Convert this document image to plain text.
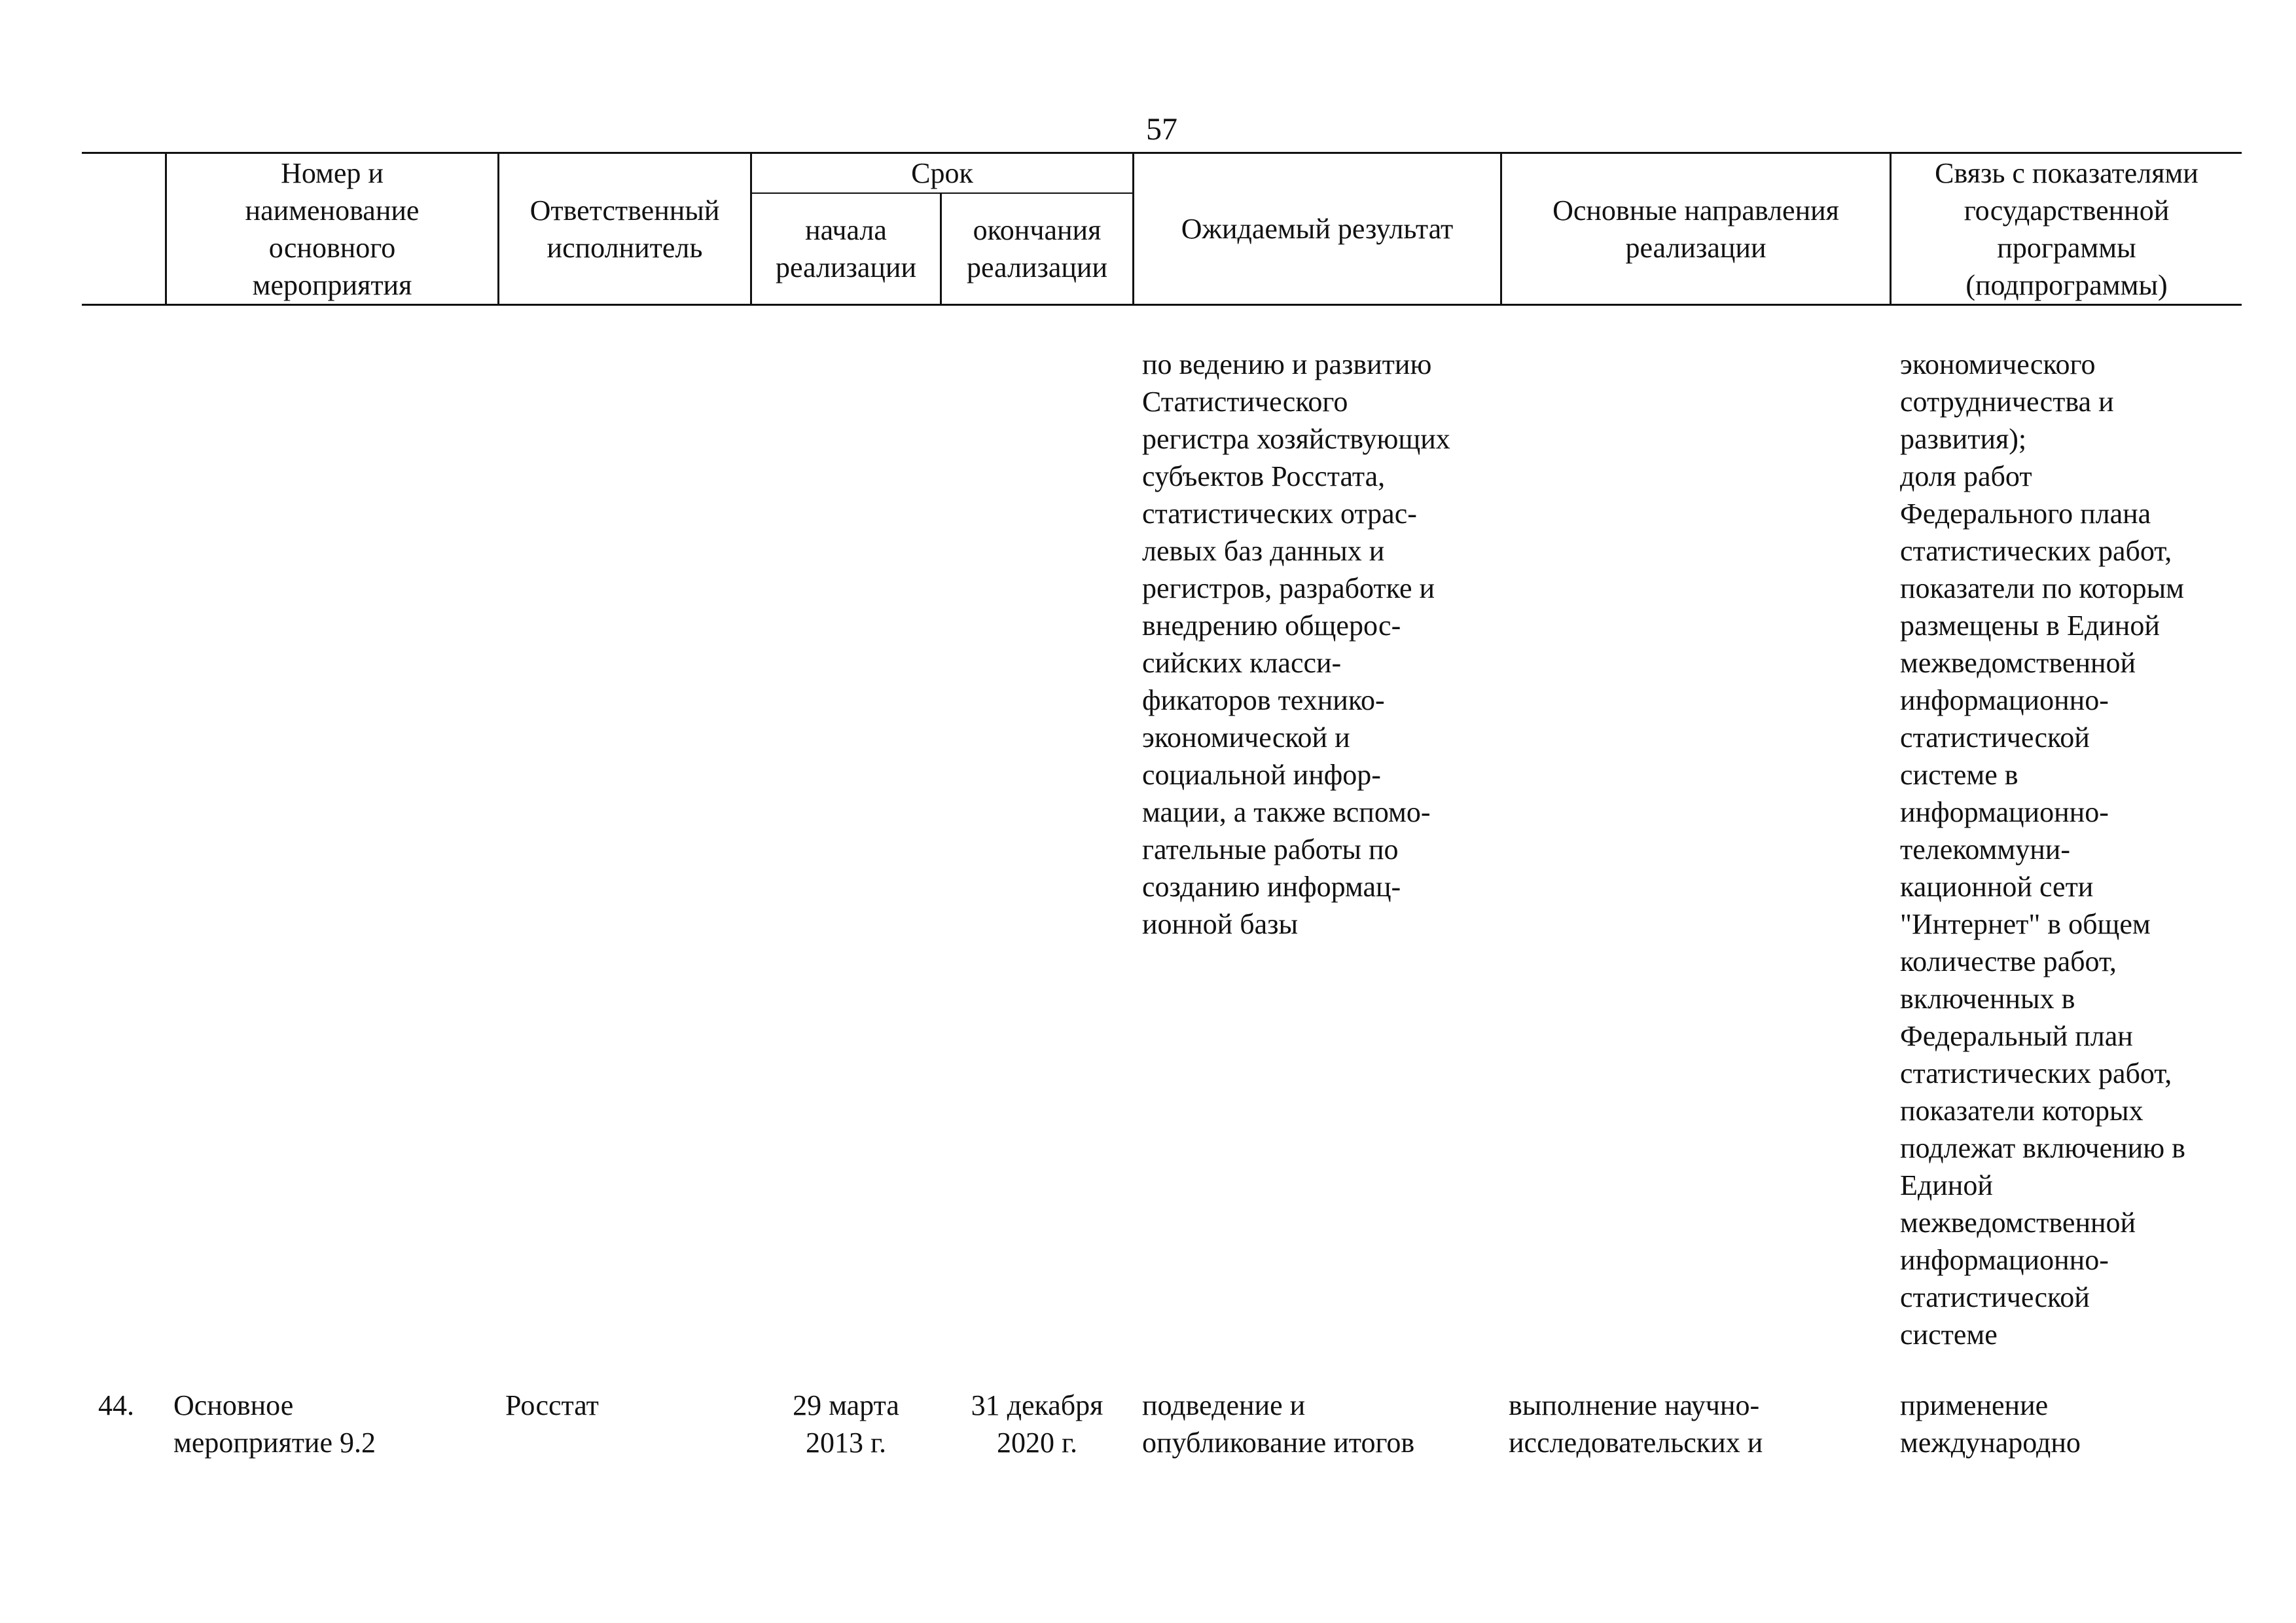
57
Номер и
наименование
основного
мероприятия
Ответственный
исполнитель
Срок
начала
реализации
окончания
реализации
Ожидаемый результат
Основные направления
реализации
Связь с показателями
государственной
программы
(подпрограммы)
по ведению и развитию
Статистического
регистра хозяйствующих
субъектов Росстата,
статистических отрас-
левых баз данных и
регистров, разработке и
внедрению общерос-
сийских класси-
фикаторов технико-
экономической и
социальной инфор-
мации, а также вспомо-
гательные работы по
созданию информац-
ионной базы
экономического
сотрудничества и
развития);
доля работ
Федерального плана
статистических работ,
показатели по которым
размещены в Единой
межведомственной
информационно-
статистической
системе в
информационно-
телекоммуни-
кационной сети
"Интернет" в общем
количестве работ,
включенных в
Федеральный план
статистических работ,
показатели которых
подлежат включению в
Единой
межведомственной
информационно-
статистической
системе
44.	Основное
мероприятие 9.2
Росстат	29 марта
2013 г.
31 декабря
2020 г.
подведение и
опубликование итогов
выполнение научно-
исследовательских и
применение
международно
